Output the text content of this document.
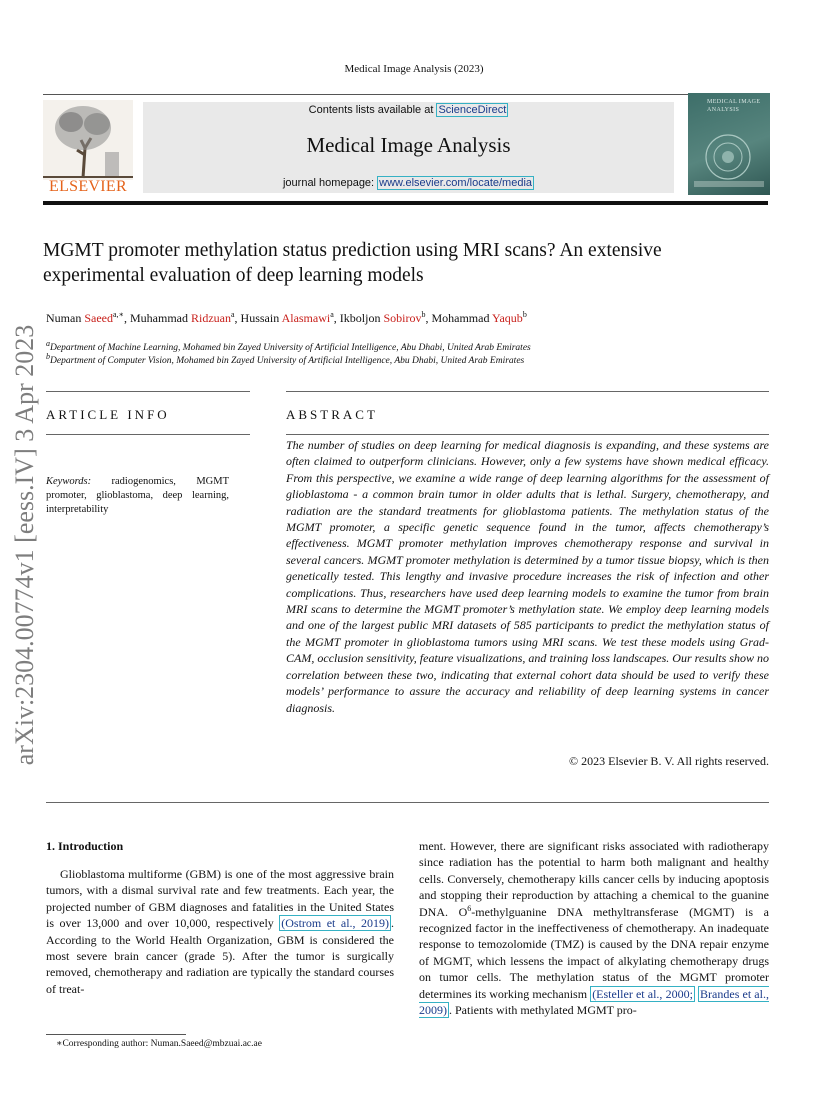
Medical Image Analysis (2023)
ELSEVIER
Contents lists available at ScienceDirect
Medical Image Analysis
journal homepage: www.elsevier.com/locate/media
MEDICAL IMAGE ANALYSIS
arXiv:2304.00774v1 [eess.IV] 3 Apr 2023
MGMT promoter methylation status prediction using MRI scans? An extensive
experimental evaluation of deep learning models
Numan Saeed$^{a,∗}$, Muhammad Ridzuan$^a$, Hussain Alasmawi$^a$, Ikboljon Sobirov$^b$, Mohammad Yaqub$^b$
$^a$Department of Machine Learning, Mohamed bin Zayed University of Artificial Intelligence, Abu Dhabi, United Arab Emirates
$^b$Department of Computer Vision, Mohamed bin Zayed University of Artificial Intelligence, Abu Dhabi, United Arab Emirates
ARTICLE INFO	ABSTRACT
Keywords: radiogenomics, MGMT promoter, glioblastoma, deep learning, interpretability
The number of studies on deep learning for medical diagnosis is expanding, and these systems are often claimed to outperform clinicians. However, only a few systems have shown medical efficacy. From this perspective, we examine a wide range of deep learning algorithms for the assessment of glioblastoma - a common brain tumor in older adults that is lethal. Surgery, chemotherapy, and radiation are the standard treatments for glioblastoma patients. The methylation status of the MGMT promoter, a specific genetic sequence found in the tumor, affects chemotherapy’s effectiveness. MGMT promoter methylation improves chemotherapy response and survival in several cancers. MGMT promoter methylation is determined by a tumor tissue biopsy, which is then genetically tested. This lengthy and invasive procedure increases the risk of infection and other complications. Thus, researchers have used deep learning models to examine the tumor from brain MRI scans to determine the MGMT promoter’s methylation state. We employ deep learning models and one of the largest public MRI datasets of 585 participants to predict the methylation status of the MGMT promoter in glioblastoma tumors using MRI scans. We test these models using Grad-CAM, occlusion sensitivity, feature visualizations, and training loss landscapes. Our results show no correlation between these two, indicating that external cohort data should be used to verify these models’ performance to assure the accuracy and reliability of deep learning systems in cancer diagnosis.
© 2023 Elsevier B. V. All rights reserved.
1. Introduction
Glioblastoma multiforme (GBM) is one of the most aggressive brain tumors, with a dismal survival rate and few treatments. Each year, the projected number of GBM diagnoses and fatalities in the United States is over 13,000 and over 10,000, respectively (Ostrom et al., 2019) . According to the World Health Organization, GBM is considered the most severe brain cancer (grade 5). After the tumor is surgically removed, chemotherapy and radiation are typically the standard courses of treat-
ment. However, there are significant risks associated with radiotherapy since radiation has the potential to harm both malignant and healthy cells. Conversely, chemotherapy kills cancer cells by inducing apoptosis and stopping their reproduction by attaching a chemical to the guanine DNA. $O^6$-methylguanine DNA methyltransferase (MGMT) is a recognized factor in the ineffectiveness of chemotherapy. An inadequate response to temozolomide (TMZ) is caused by the DNA repair enzyme of MGMT, which lessens the impact of alkylating chemotherapy drugs on tumor cells. The methylation status of the MGMT promoter determines its working mechanism (Esteller et al., 2000; Brandes et al., 2009) . Patients with methylated MGMT pro-
∗Corresponding author: Numan.Saeed@mbzuai.ac.ae
